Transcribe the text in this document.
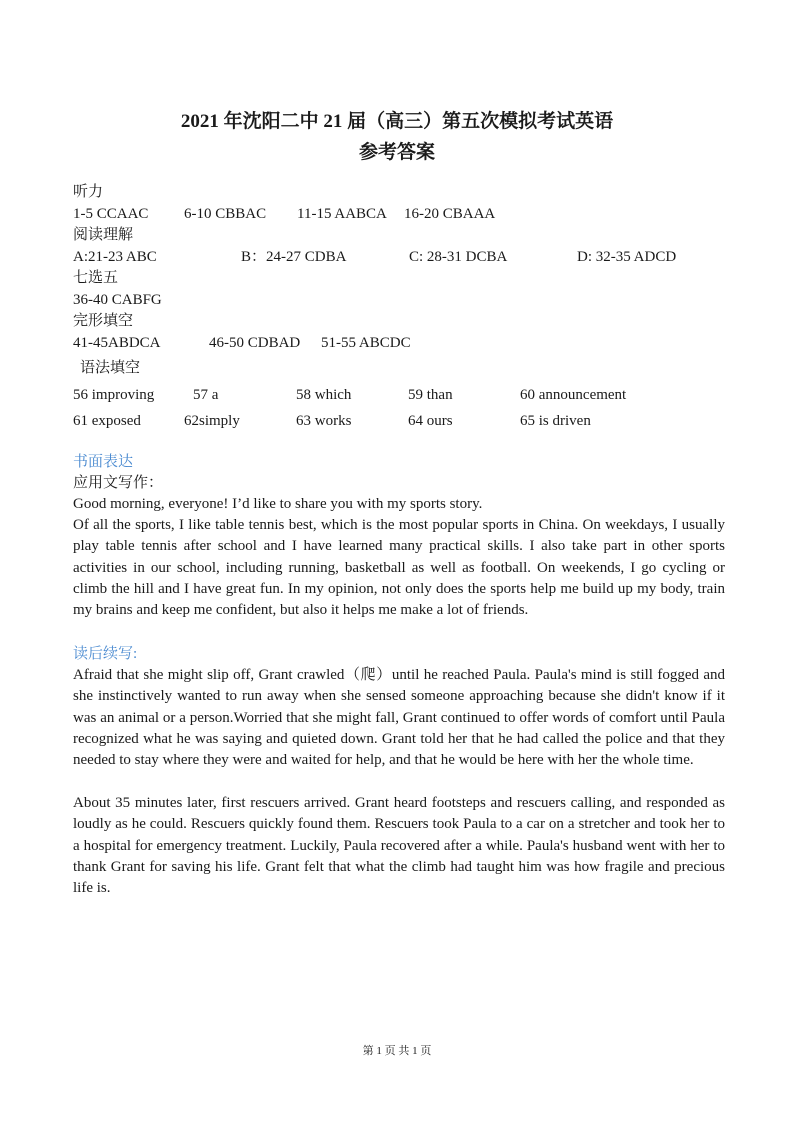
2021 年沈阳二中 21 届（高三）第五次模拟考试英语
参考答案
听力
1-5 CCAAC 6-10 CBBAC 11-15 AABCA 16-20 CBAAA
阅读理解
A:21-23 ABC	B：24-27 CDBA	C: 28-31 DCBA	D: 32-35 ADCD
七选五
36-40 CABFG
完形填空
41-45ABDCA	46-50 CDBAD 51-55 ABCDC
语法填空
56 improving	57 a	58 which	59 than	60 announcement
61 exposed	62simply	63 works	64 ours	65 is driven
书面表达
应用文写作：
Good morning, everyone! I’d like to share you with my sports story.

Of all the sports, I like table tennis best, which is the most popular sports in China. On weekdays, I usually play table tennis after school and I have learned many practical skills. I also take part in other sports activities in our school, including running, basketball as well as football. On weekends, I go cycling or climb the hill and I have great fun. In my opinion, not only does the sports help me build up my body, train my brains and keep me confident, but also it helps me make a lot of friends.

读后续写:

Afraid that she might slip off, Grant crawled（爬）until he reached Paula. Paula's mind is still fogged and she instinctively wanted to run away when she sensed someone approaching because she didn't know if it was an animal or a person.Worried that she might fall, Grant continued to offer words of comfort until Paula recognized what he was saying and quieted down. Grant told her that he had called the police and that they needed to stay where they were and waited for help, and that he would be here with her the whole time.

About 35 minutes later, first rescuers arrived. Grant heard footsteps and rescuers calling, and responded as loudly as he could. Rescuers quickly found them. Rescuers took Paula to a car on a stretcher and took her to a hospital for emergency treatment. Luckily, Paula recovered after a while. Paula's husband went with her to thank Grant for saving his life. Grant felt that what the climb had taught him was how fragile and precious life is.

第 1 页 共 1 页
